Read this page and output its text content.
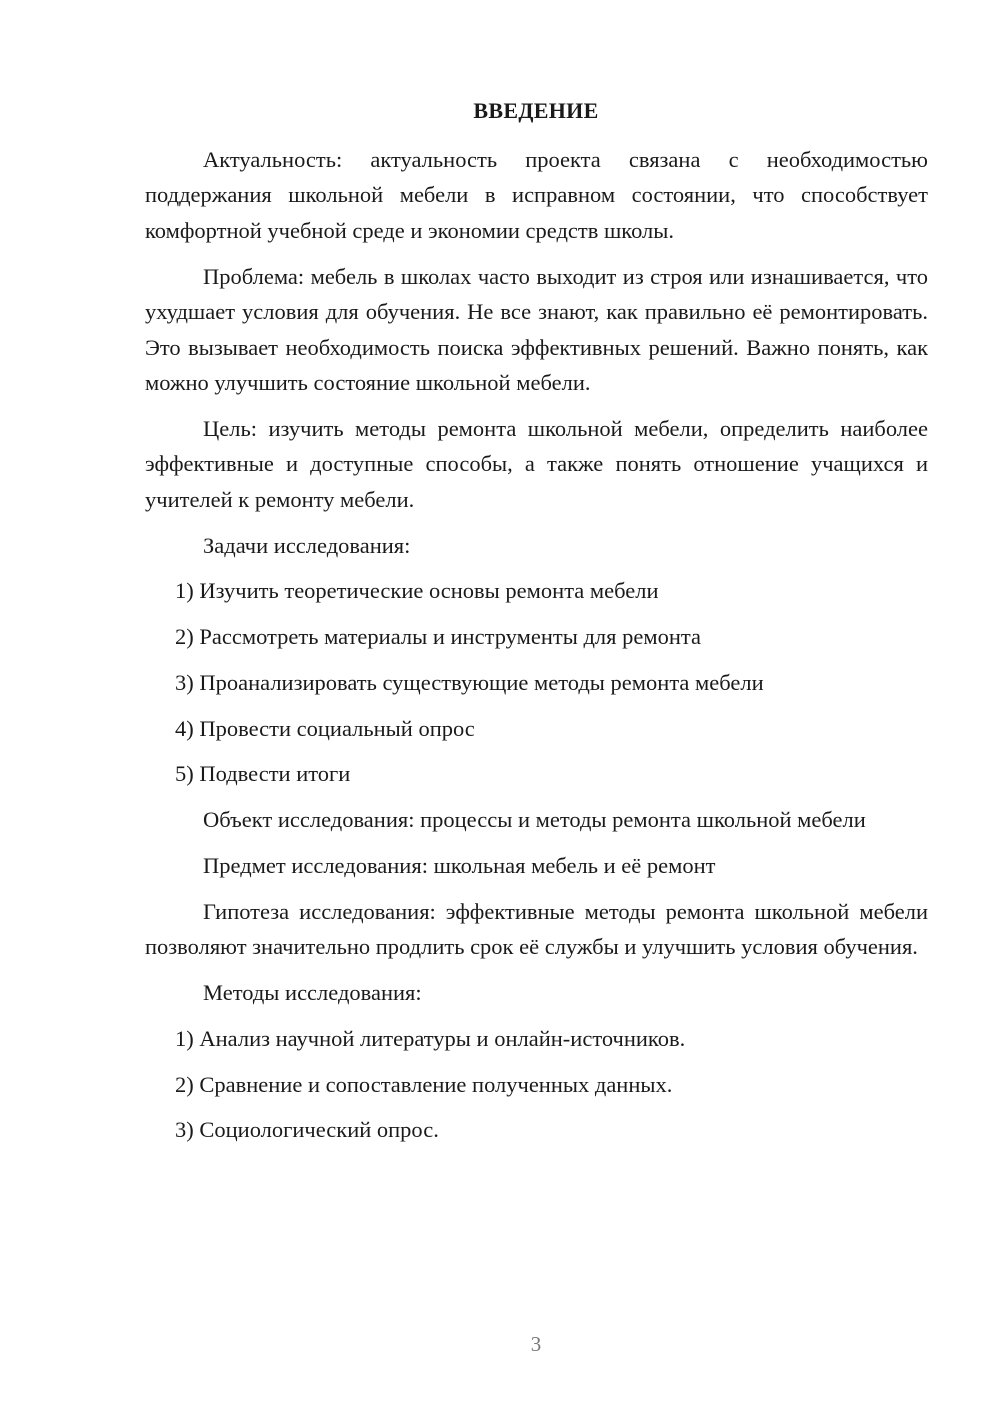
ВВЕДЕНИЕ

Актуальность: актуальность проекта связана с необходимостью поддержания школьной мебели в исправном состоянии, что способствует комфортной учебной среде и экономии средств школы.

Проблема: мебель в школах часто выходит из строя или изнашивается, что ухудшает условия для обучения. Не все знают, как правильно её ремонтировать. Это вызывает необходимость поиска эффективных решений. Важно понять, как можно улучшить состояние школьной мебели.

Цель: изучить методы ремонта школьной мебели, определить наиболее эффективные и доступные способы, а также понять отношение учащихся и учителей к ремонту мебели.

Задачи исследования:

1) Изучить теоретические основы ремонта мебели

2) Рассмотреть материалы и инструменты для ремонта

3) Проанализировать существующие методы ремонта мебели

4) Провести социальный опрос

5) Подвести итоги

Объект исследования: процессы и методы ремонта школьной мебели

Предмет исследования: школьная мебель и её ремонт

Гипотеза исследования: эффективные методы ремонта школьной мебели позволяют значительно продлить срок её службы и улучшить условия обучения.

Методы исследования:

1) Анализ научной литературы и онлайн-источников.

2) Сравнение и сопоставление полученных данных.

3) Социологический опрос.

3
